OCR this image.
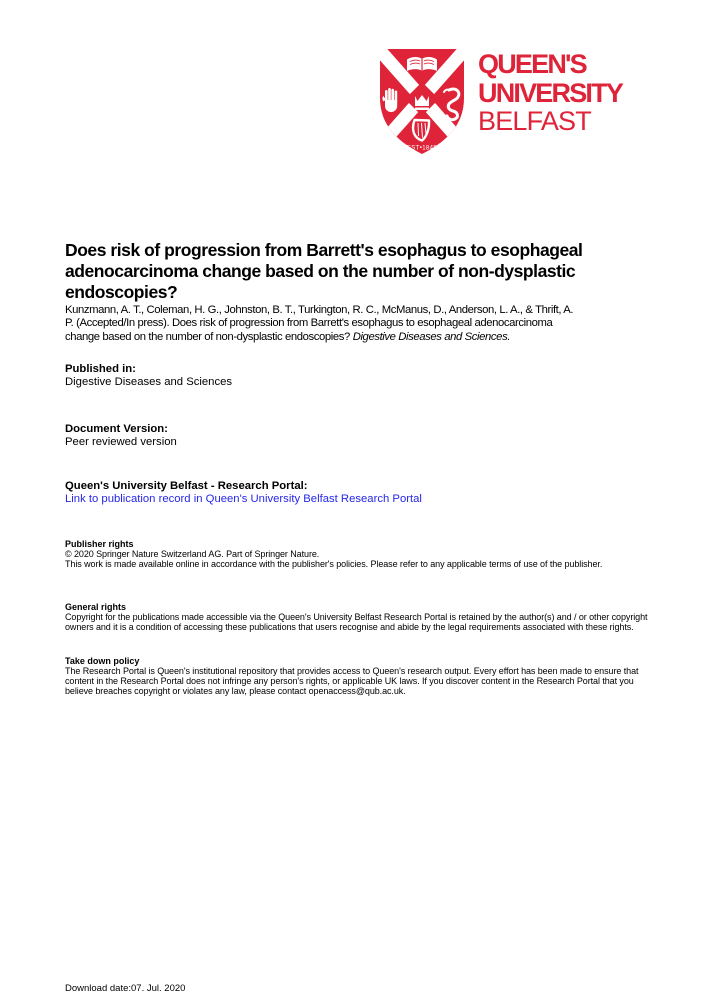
EST•1845
QUEEN'S
UNIVERSITY
BELFAST
Does risk of progression from Barrett's esophagus to esophageal
adenocarcinoma change based on the number of non-dysplastic
endoscopies?
Kunzmann, A. T., Coleman, H. G., Johnston, B. T., Turkington, R. C., McManus, D., Anderson, L. A., & Thrift, A.
P. (Accepted/In press). Does risk of progression from Barrett's esophagus to esophageal adenocarcinoma
change based on the number of non-dysplastic endoscopies? Digestive Diseases and Sciences.
Published in:
Digestive Diseases and Sciences
Document Version:
Peer reviewed version
Queen's University Belfast - Research Portal:
Link to publication record in Queen's University Belfast Research Portal
Publisher rights
© 2020 Springer Nature Switzerland AG. Part of Springer Nature.
This work is made available online in accordance with the publisher's policies. Please refer to any applicable terms of use of the publisher.
General rights
Copyright for the publications made accessible via the Queen's University Belfast Research Portal is retained by the author(s) and / or other copyright owners and it is a condition of accessing these publications that users recognise and abide by the legal requirements associated with these rights.
Take down policy
The Research Portal is Queen's institutional repository that provides access to Queen's research output. Every effort has been made to ensure that content in the Research Portal does not infringe any person's rights, or applicable UK laws. If you discover content in the Research Portal that you believe breaches copyright or violates any law, please contact openaccess@qub.ac.uk.
Download date:07. Jul. 2020
